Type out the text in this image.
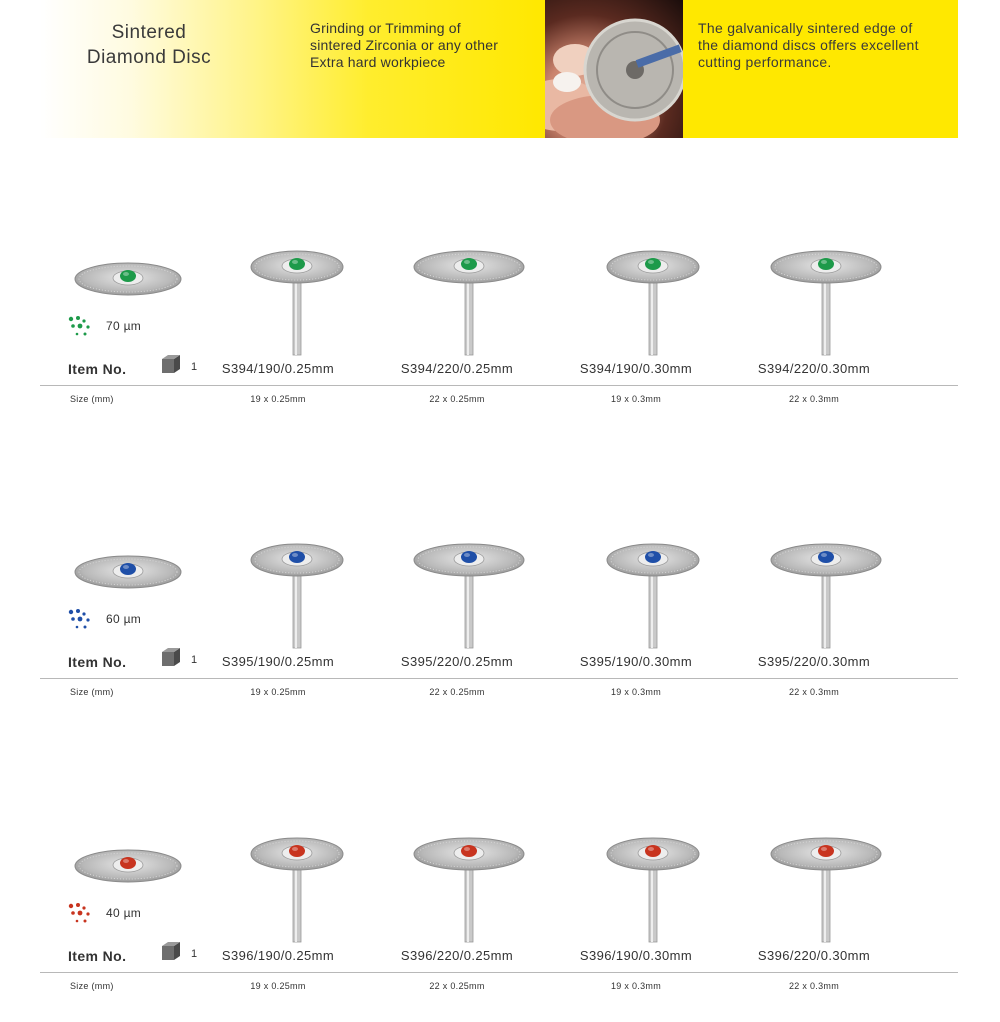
Sintered
Diamond Disc
Grinding or Trimming of
sintered Zirconia or any other
Extra hard workpiece
The galvanically sintered edge of
the diamond discs offers excellent
cutting performance.
70 µm
Item No.	1	S394/190/0.25mm	S394/220/0.25mm	S394/190/0.30mm	S394/220/0.30mm
Size (mm)	19 x 0.25mm	22 x 0.25mm	19 x 0.3mm	22 x 0.3mm
60 µm
Item No.	1	S395/190/0.25mm	S395/220/0.25mm	S395/190/0.30mm	S395/220/0.30mm
Size (mm)	19 x 0.25mm	22 x 0.25mm	19 x 0.3mm	22 x 0.3mm
40 µm
Item No.	1	S396/190/0.25mm	S396/220/0.25mm	S396/190/0.30mm	S396/220/0.30mm
Size (mm)	19 x 0.25mm	22 x 0.25mm	19 x 0.3mm	22 x 0.3mm
